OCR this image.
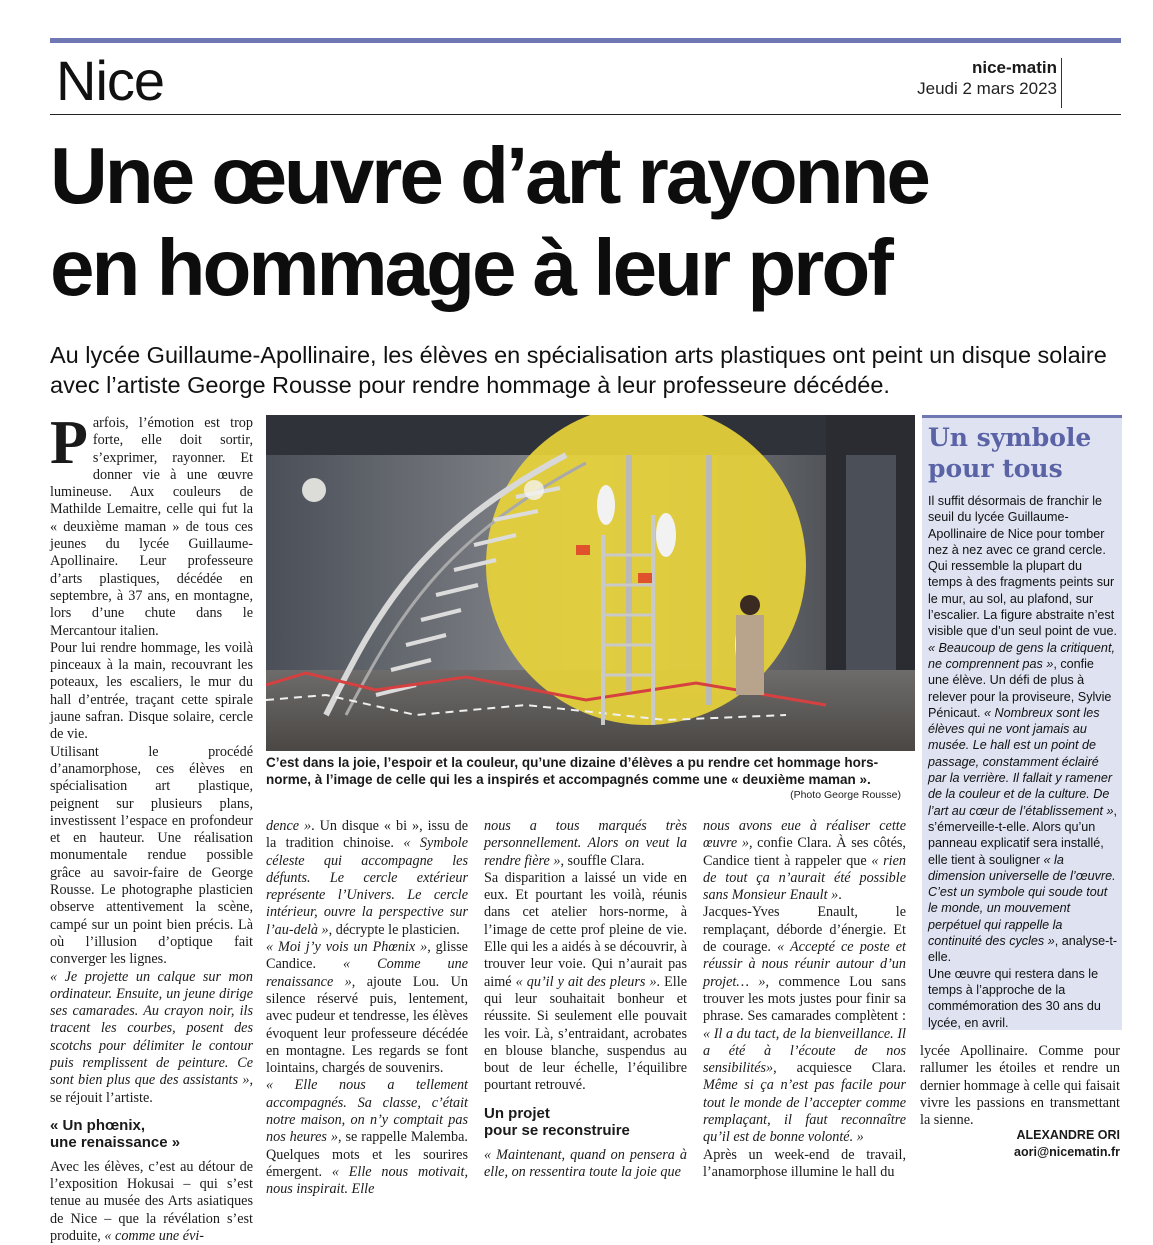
Nice	nice-matin
Jeudi 2 mars 2023
Une œuvre d’art rayonne
en hommage à leur prof
Au lycée Guillaume-Apollinaire, les élèves en spécialisation arts plastiques ont peint un disque solaire avec l’artiste George Rousse pour rendre hommage à leur professeure décédée.

Parfois, l’émotion est trop forte, elle doit sortir, s’exprimer, rayonner. Et donner vie à une œuvre lumineuse. Aux couleurs de Mathilde Lemaitre, celle qui fut la « deuxième maman » de tous ces jeunes du lycée Guillaume-Apollinaire. Leur professeure d’arts plastiques, décédée en septembre, à 37 ans, en montagne, lors d’une chute dans le Mercantour italien.

Pour lui rendre hommage, les voilà pinceaux à la main, recouvrant les poteaux, les escaliers, le mur du hall d’entrée, traçant cette spirale jaune safran. Disque solaire, cercle de vie.

Utilisant le procédé d’anamorphose, ces élèves en spécialisation art plastique, peignent sur plusieurs plans, investissent l’espace en profondeur et en hauteur. Une réalisation monumentale rendue possible grâce au savoir-faire de George Rousse. Le photographe plasticien observe attentivement la scène, campé sur un point bien précis. Là où l’illusion d’optique fait converger les lignes.

« Je projette un calque sur mon ordinateur. Ensuite, un jeune dirige ses camarades. Au crayon noir, ils tracent les courbes, posent des scotchs pour délimiter le contour puis remplissent de peinture. Ce sont bien plus que des assistants », se réjouit l’artiste.

« Un phœnix,
une renaissance »

Avec les élèves, c’est au détour de l’exposition Hokusai – qui s’est tenue au musée des Arts asiatiques de Nice – que la révélation s’est produite, « comme une évi-

C’est dans la joie, l’espoir et la couleur, qu’une dizaine d’élèves a pu rendre cet hommage hors-norme, à l’image de celle qui les a inspirés et accompagnés comme une « deuxième maman ».
(Photo George Rousse)

dence ». Un disque « bi », issu de la tradition chinoise. « Symbole céleste qui accompagne les défunts. Le cercle extérieur représente l’Univers. Le cercle intérieur, ouvre la perspective sur l’au-delà », décrypte le plasticien.

« Moi j’y vois un Phœnix », glisse Candice. « Comme une renaissance », ajoute Lou. Un silence réservé puis, lentement, avec pudeur et tendresse, les élèves évoquent leur professeure décédée en montagne. Les regards se font lointains, chargés de souvenirs.

« Elle nous a tellement accompagnés. Sa classe, c’était notre maison, on n’y comptait pas nos heures », se rappelle Malemba. Quelques mots et les sourires émergent. « Elle nous motivait, nous inspirait. Elle

nous a tous marqués très personnellement. Alors on veut la rendre fière », souffle Clara.

Sa disparition a laissé un vide en eux. Et pourtant les voilà, réunis dans cet atelier hors-norme, à l’image de cette prof pleine de vie. Elle qui les a aidés à se découvrir, à trouver leur voie. Qui n’aurait pas aimé « qu’il y ait des pleurs ». Elle qui leur souhaitait bonheur et réussite. Si seulement elle pouvait les voir. Là, s’entraidant, acrobates en blouse blanche, suspendus au bout de leur échelle, l’équilibre pourtant retrouvé.

Un projet
pour se reconstruire

« Maintenant, quand on pensera à elle, on ressentira toute la joie que

nous avons eue à réaliser cette œuvre », confie Clara. À ses côtés, Candice tient à rappeler que « rien de tout ça n’aurait été possible sans Monsieur Enault ».

Jacques-Yves Enault, le remplaçant, déborde d’énergie. Et de courage. « Accepté ce poste et réussir à nous réunir autour d’un projet… », commence Lou sans trouver les mots justes pour finir sa phrase. Ses camarades complètent : « Il a du tact, de la bienveillance. Il a été à l’écoute de nos sensibilités», acquiesce Clara. Même si ça n’est pas facile pour tout le monde de l’accepter comme remplaçant, il faut reconnaître qu’il est de bonne volonté. »

Après un week-end de travail, l’anamorphose illumine le hall du

Un symbole
pour tous

Il suffit désormais de franchir le seuil du lycée Guillaume-Apollinaire de Nice pour tomber nez à nez avec ce grand cercle. Qui ressemble la plupart du temps à des fragments peints sur le mur, au sol, au plafond, sur l’escalier. La figure abstraite n’est visible que d’un seul point de vue. « Beaucoup de gens la critiquent, ne comprennent pas », confie une élève. Un défi de plus à relever pour la proviseure, Sylvie Pénicaut. « Nombreux sont les élèves qui ne vont jamais au musée. Le hall est un point de passage, constamment éclairé par la verrière. Il fallait y ramener de la couleur et de la culture. De l’art au cœur de l’établissement », s’émerveille-t-elle. Alors qu’un panneau explicatif sera installé, elle tient à souligner « la dimension universelle de l’œuvre. C’est un symbole qui soude tout le monde, un mouvement perpétuel qui rappelle la continuité des cycles », analyse-t-elle.

Une œuvre qui restera dans le temps à l’approche de la commémoration des 30 ans du lycée, en avril.

lycée Apollinaire. Comme pour rallumer les étoiles et rendre un dernier hommage à celle qui faisait vivre les passions en transmettant la sienne.

ALEXANDRE ORI
aori@nicematin.fr
